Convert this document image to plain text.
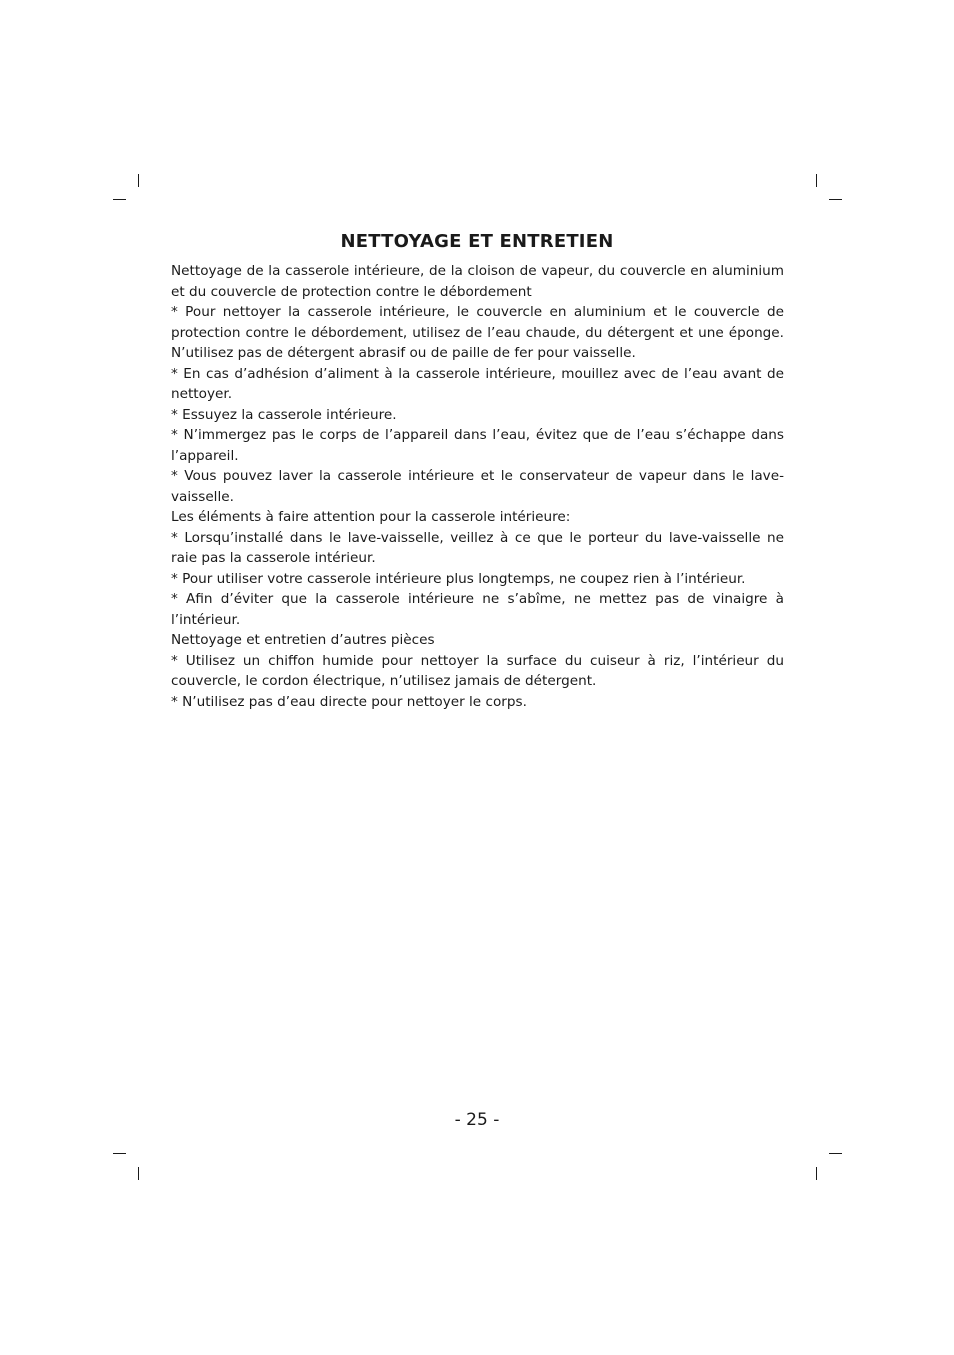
NETTOYAGE ET ENTRETIEN

Nettoyage de la casserole intérieure, de la cloison de vapeur, du couvercle en aluminium et du couvercle de protection contre le débordement

* Pour nettoyer la casserole intérieure, le couvercle en aluminium et le couvercle de protection contre le débordement, utilisez de l’eau chaude, du détergent et une éponge. N’utilisez pas de détergent abrasif ou de paille de fer pour vaisselle.

* En cas d’adhésion d’aliment à la casserole intérieure, mouillez avec de l’eau avant de nettoyer.

* Essuyez la casserole intérieure.

* N’immergez pas le corps de l’appareil dans l’eau, évitez que de l’eau s’échappe dans l’appareil.

* Vous pouvez laver la casserole intérieure et le conservateur de vapeur dans le lave-vaisselle.

Les éléments à faire attention pour la casserole intérieure:

* Lorsqu’installé dans le lave-vaisselle, veillez à ce que le porteur du lave-vaisselle ne raie pas la casserole intérieur.

* Pour utiliser votre casserole intérieure plus longtemps, ne coupez rien à l’intérieur.

* Afin d’éviter que la casserole intérieure ne s’abîme, ne mettez pas de vinaigre à l’intérieur.

Nettoyage et entretien d’autres pièces

* Utilisez un chiffon humide pour nettoyer la surface du cuiseur à riz, l’intérieur du couvercle, le cordon électrique, n’utilisez jamais de détergent.

* N’utilisez pas d’eau directe pour nettoyer le corps.

- 25 -
